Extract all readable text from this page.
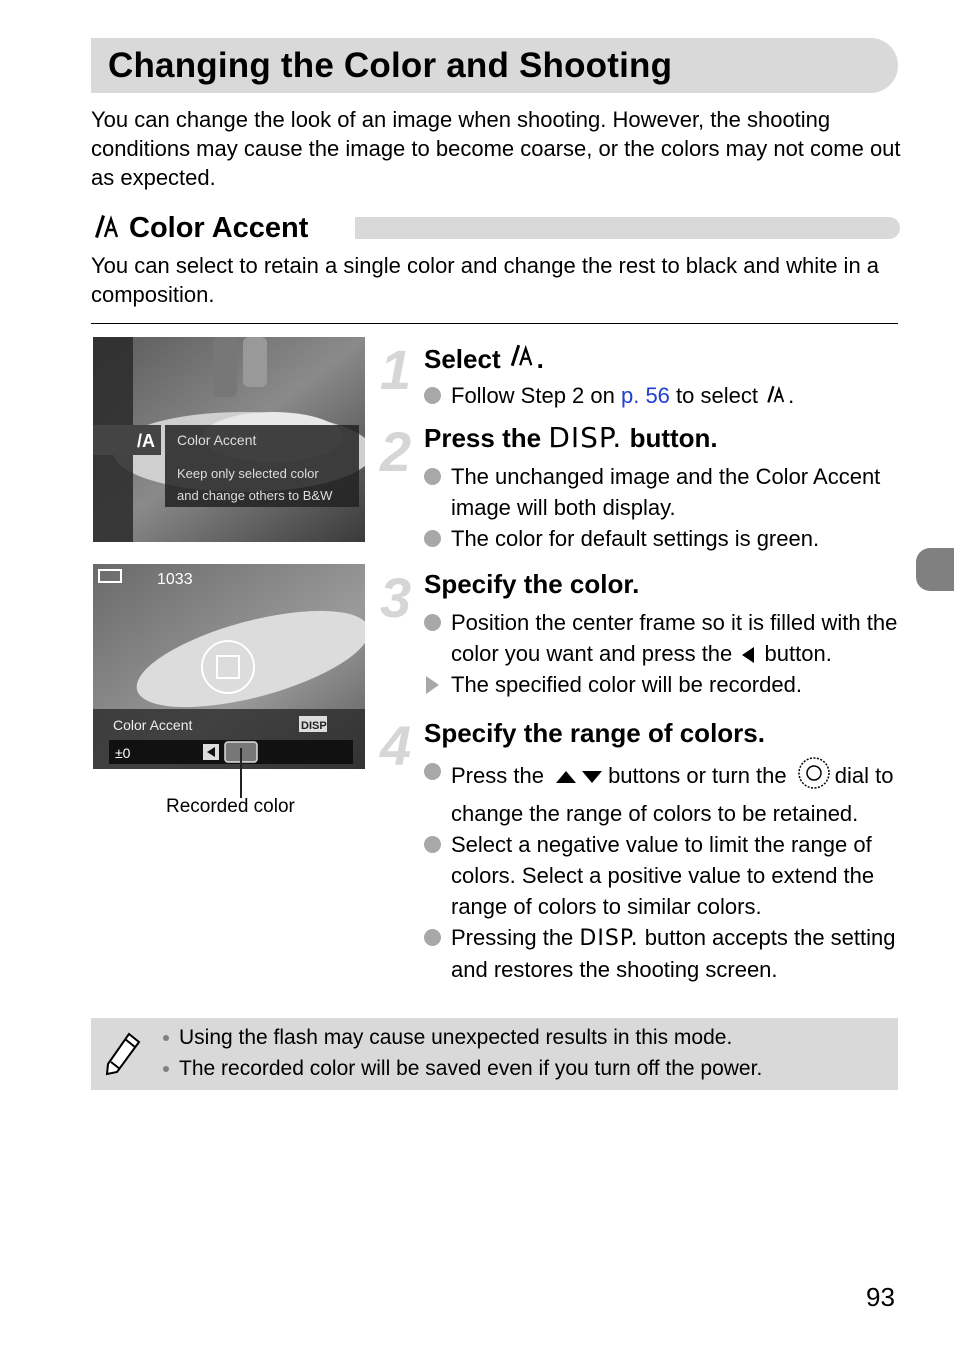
Changing the Color and Shooting
You can change the look of an image when shooting. However, the shooting conditions may cause the image to become coarse, or the colors may not come out as expected.
Color Accent
You can select to retain a single color and change the rest to black and white in a composition.
Color Accent
Keep only selected color
and change others to B&W
/A
1033
Color Accent	DISP
±0
Recorded color
1 Select .
Follow Step 2 on p. 56 to select .
2 Press the DISP. button.
The unchanged image and the Color Accent image will both display.
The color for default settings is green.
3 Specify the color.
Position the center frame so it is filled with the color you want and press the button.
The specified color will be recorded.
4 Specify the range of colors.
Press the	buttons or turn the dial to change the range of colors to be retained.
Select a negative value to limit the range of colors. Select a positive value to extend the range of colors to similar colors.
Pressing the DISP. button accepts the setting and restores the shooting screen.
Using the flash may cause unexpected results in this mode.
The recorded color will be saved even if you turn off the power.
93
